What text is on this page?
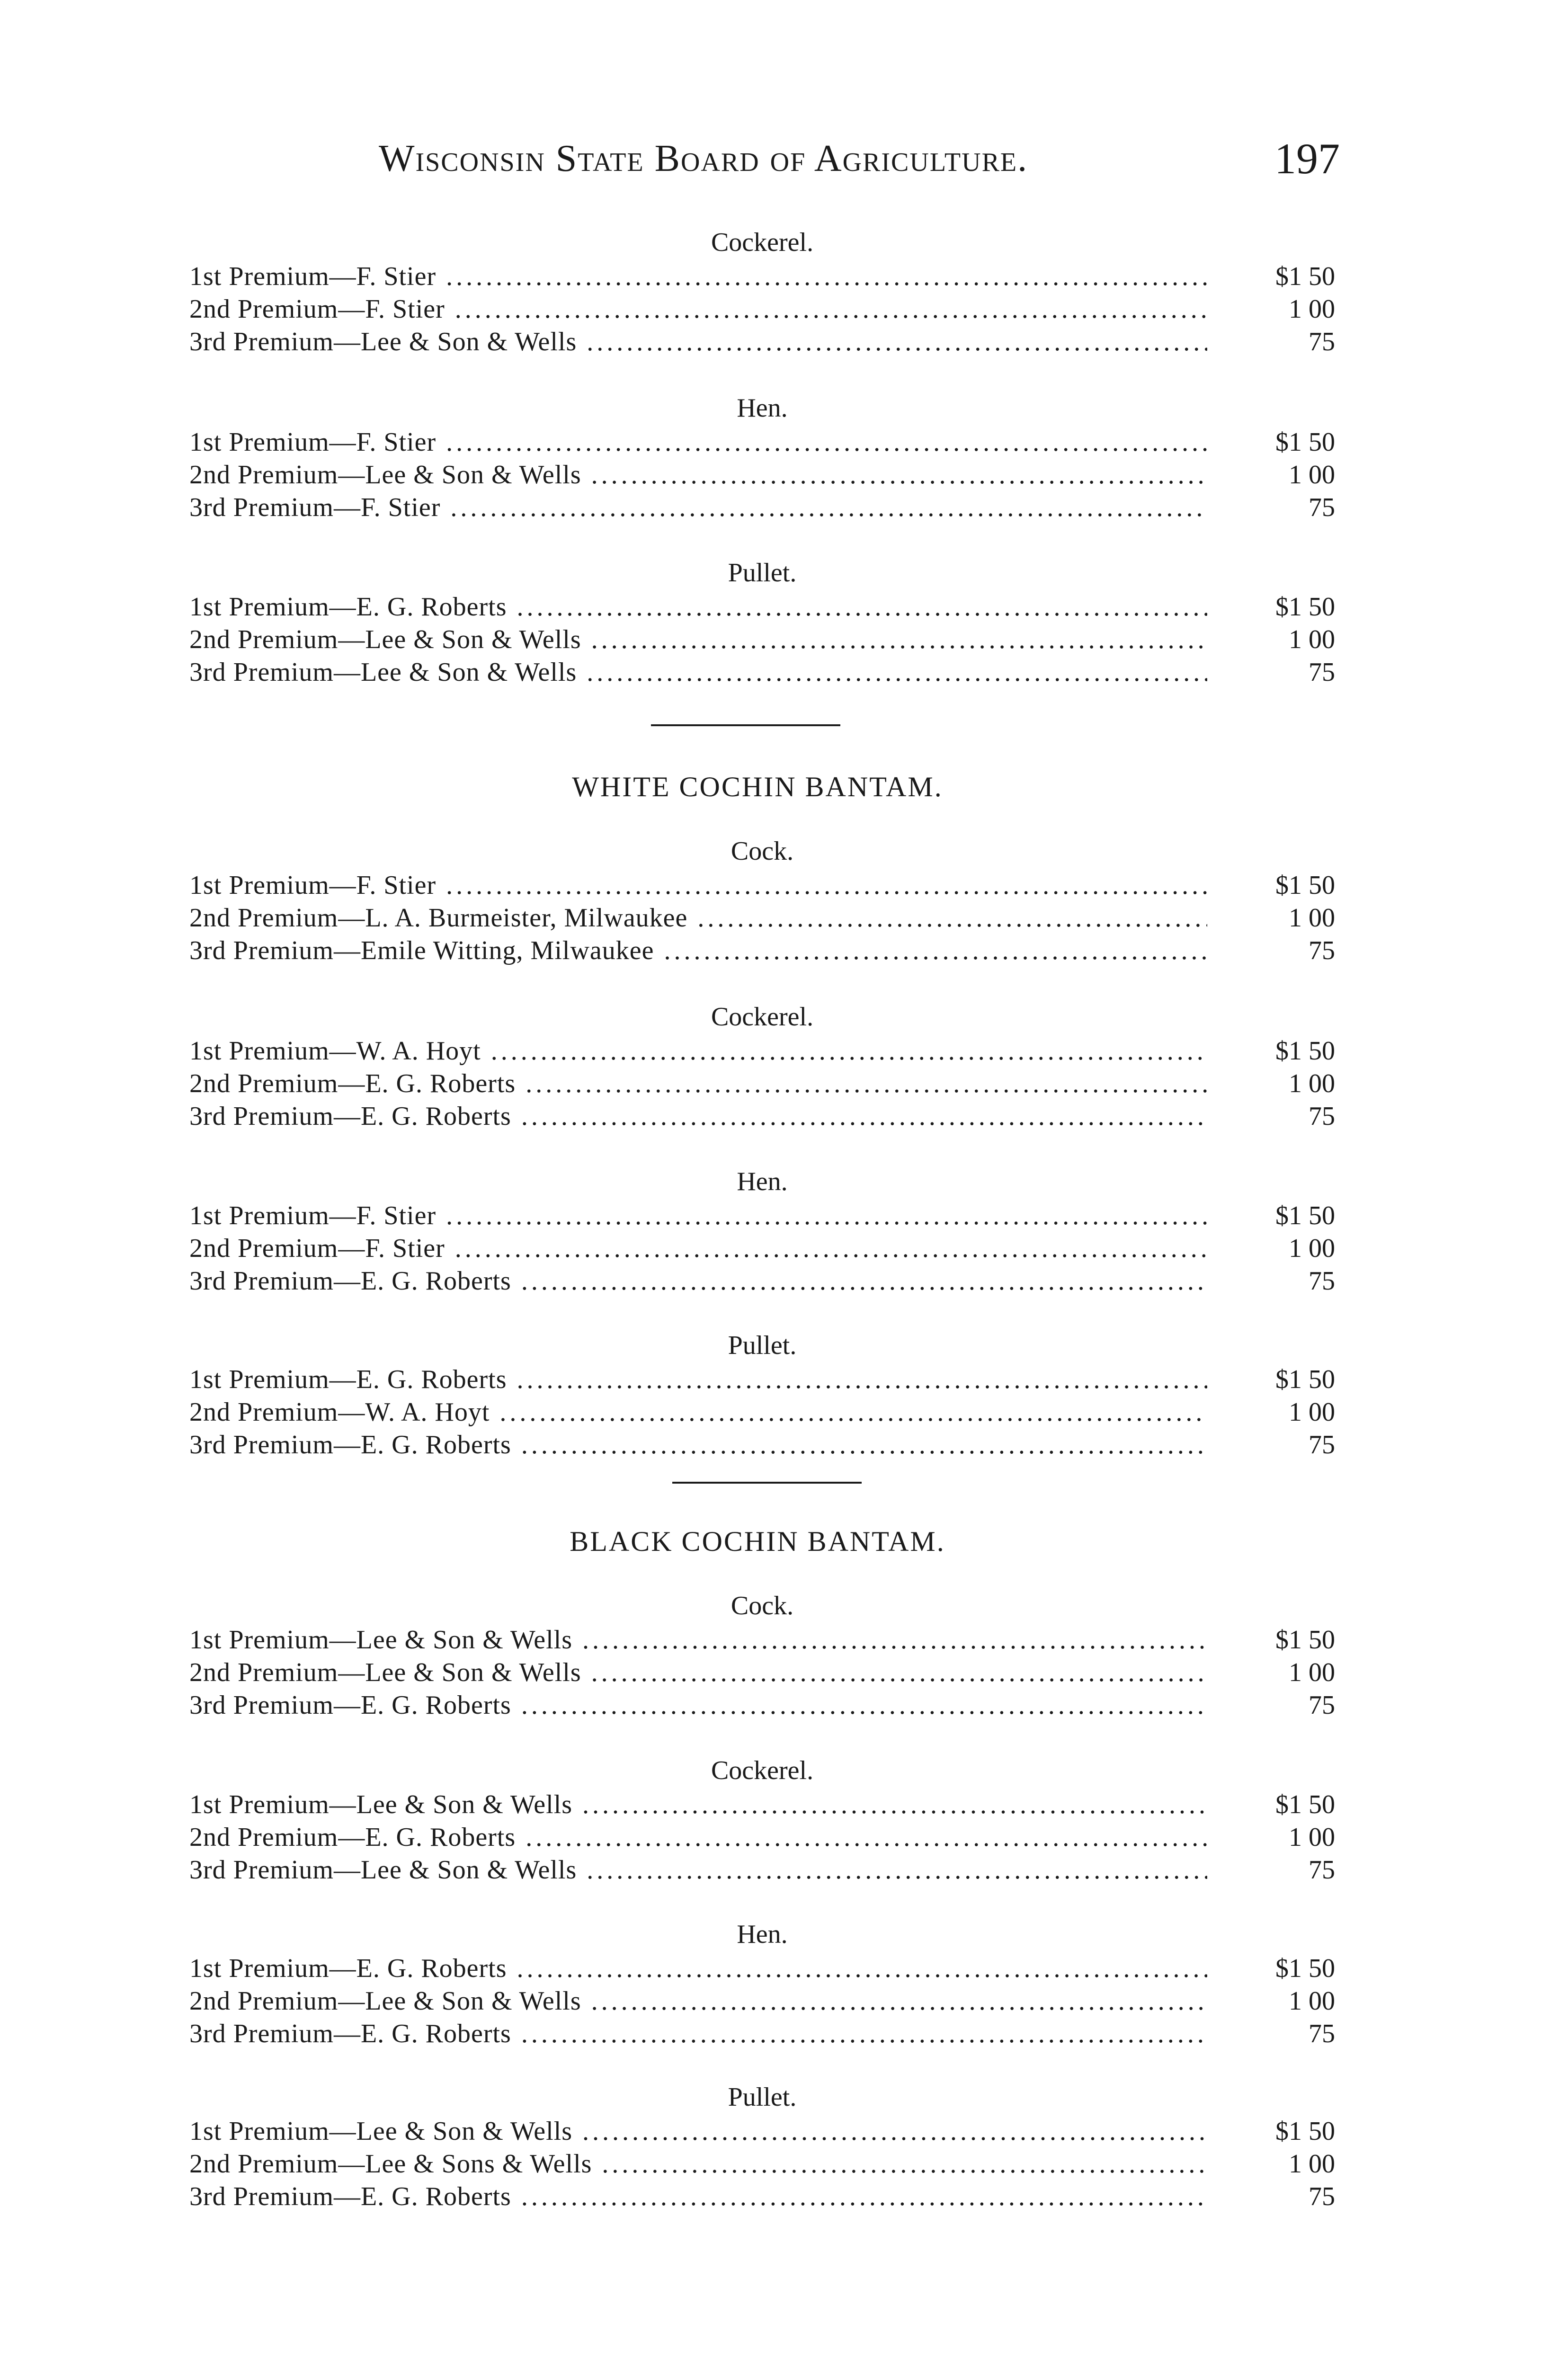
Wisconsin State Board of Agriculture.	197
Cockerel.
1st Premium—F. Stier .....	$1 50
2nd Premium—F. Stier .....	1 00
3rd Premium—Lee & Son & Wells .....	75
Hen.
1st Premium—F. Stier .....	$1 50
2nd Premium—Lee & Son & Wells .....	1 00
3rd Premium—F. Stier .....	75
Pullet.
1st Premium—E. G. Roberts .....	$1 50
2nd Premium—Lee & Son & Wells .....	1 00
3rd Premium—Lee & Son & Wells .....	75
WHITE COCHIN BANTAM.
Cock.
1st Premium—F. Stier .....	$1 50
2nd Premium—L. A. Burmeister, Milwaukee .....	1 00
3rd Premium—Emile Witting, Milwaukee .....	75
Cockerel.
1st Premium—W. A. Hoyt .....	$1 50
2nd Premium—E. G. Roberts .....	1 00
3rd Premium—E. G. Roberts .....	75
Hen.
1st Premium—F. Stier .....	$1 50
2nd Premium—F. Stier .....	1 00
3rd Premium—E. G. Roberts .....	75
Pullet.
1st Premium—E. G. Roberts .....	$1 50
2nd Premium—W. A. Hoyt .....	1 00
3rd Premium—E. G. Roberts .....	75
BLACK COCHIN BANTAM.
Cock.
1st Premium—Lee & Son & Wells .....	$1 50
2nd Premium—Lee & Son & Wells .....	1 00
3rd Premium—E. G. Roberts .....	75
Cockerel.
1st Premium—Lee & Son & Wells .....	$1 50
2nd Premium—E. G. Roberts .....	1 00
3rd Premium—Lee & Son & Wells .....	75
Hen.
1st Premium—E. G. Roberts .....	$1 50
2nd Premium—Lee & Son & Wells .....	1 00
3rd Premium—E. G. Roberts .....	75
Pullet.
1st Premium—Lee & Son & Wells .....	$1 50
2nd Premium—Lee & Sons & Wells .....	1 00
3rd Premium—E. G. Roberts .....	75
